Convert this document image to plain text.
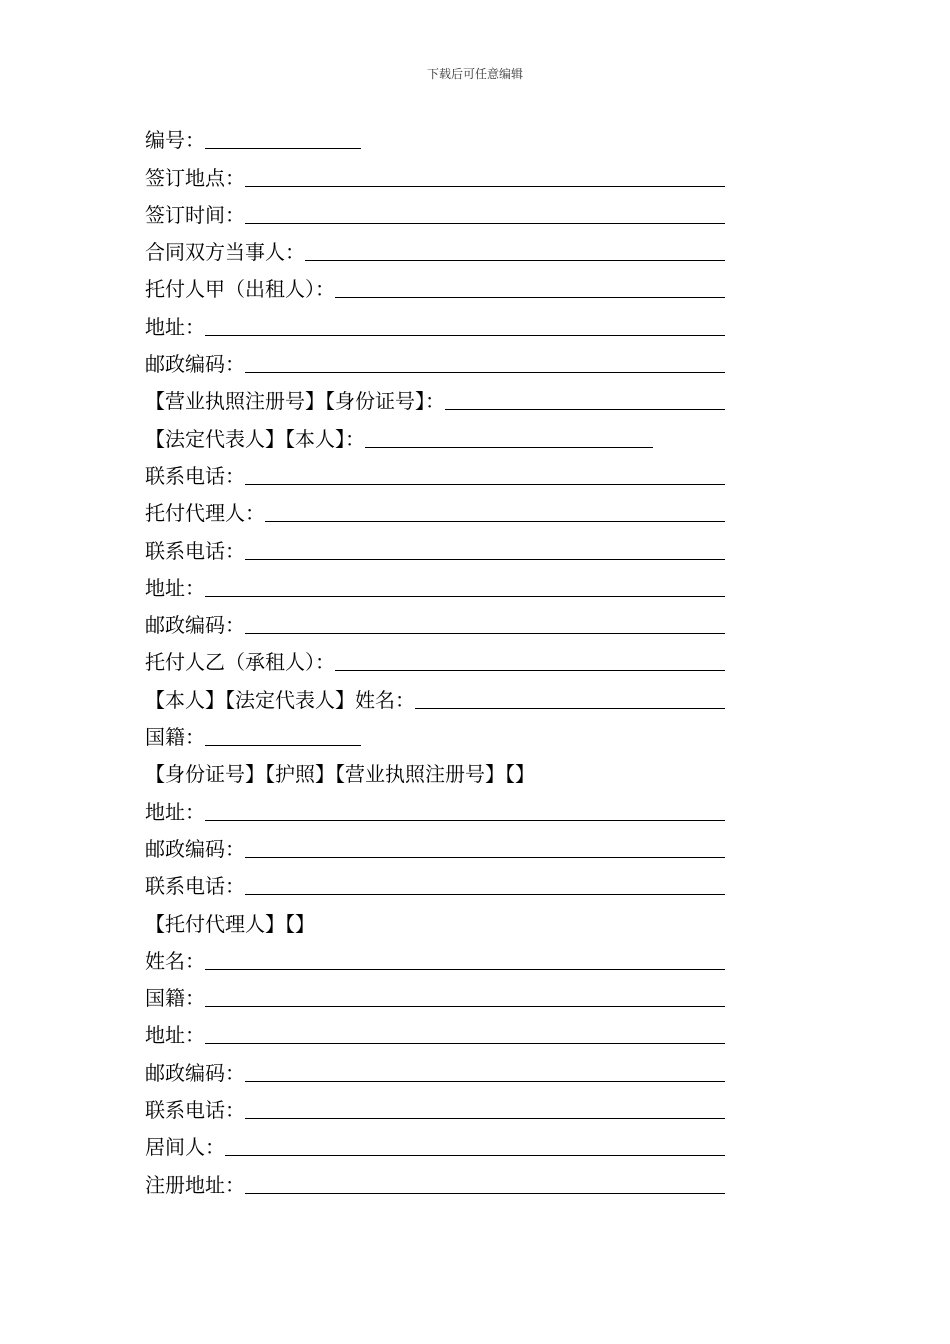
下载后可任意编辑
编号：
签订地点：
签订时间：
合同双方当事人：
托付人甲（出租人）：
地址：
邮政编码：
【营业执照注册号】【身份证号】：
【法定代表人】【本人】：
联系电话：
托付代理人：
联系电话：
地址：
邮政编码：
托付人乙（承租人）：
【本人】【法定代表人】姓名：
国籍：
【身份证号】【护照】【营业执照注册号】【】
地址：
邮政编码：
联系电话：
【托付代理人】【】
姓名：
国籍：
地址：
邮政编码：
联系电话：
居间人：
注册地址：
